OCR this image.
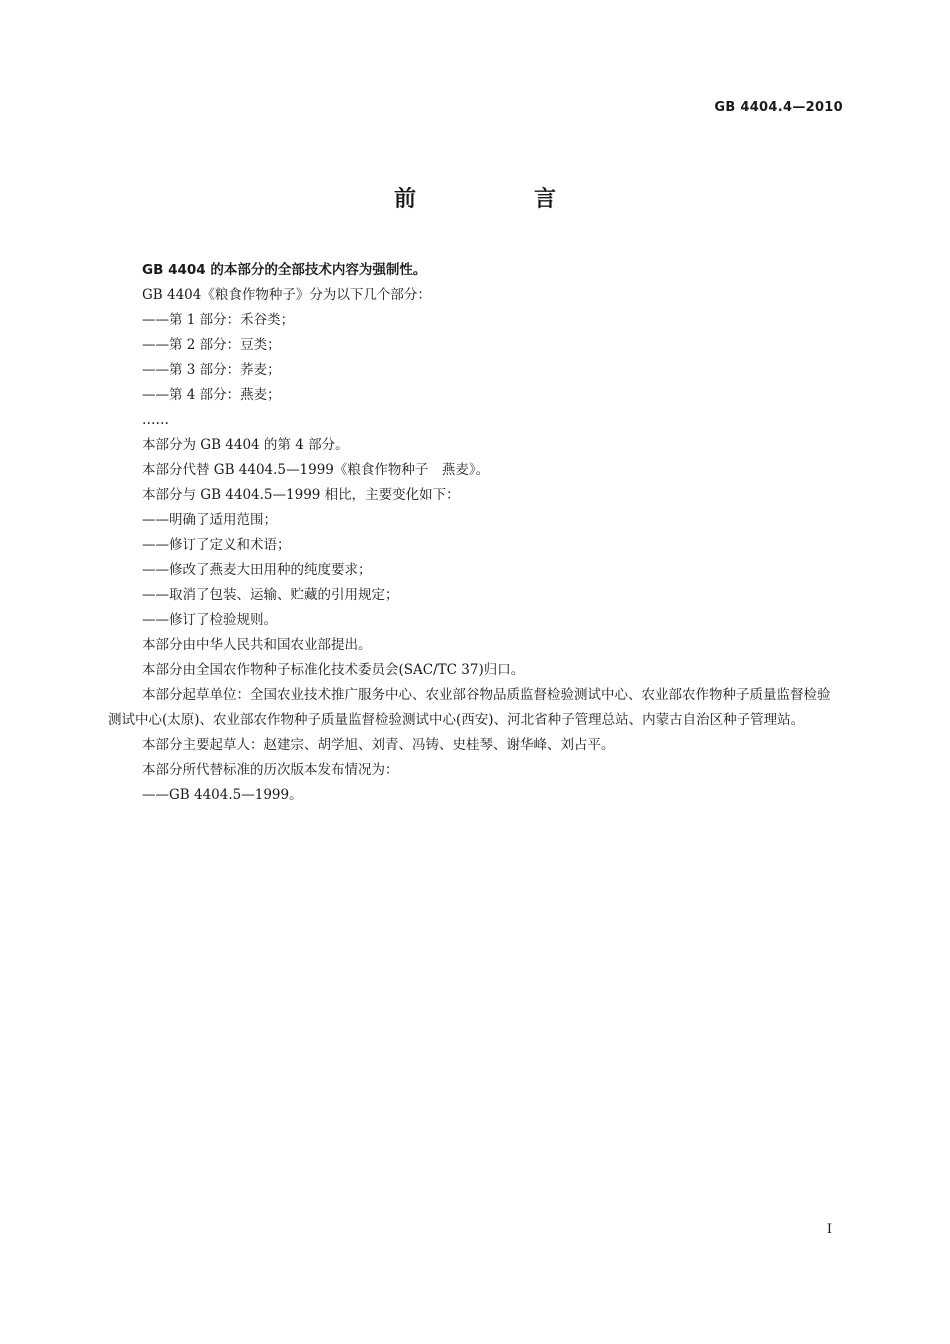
GB 4404.4—2010
前　言

GB 4404 的本部分的全部技术内容为强制性。

GB 4404《粮食作物种子》分为以下几个部分：

——第 1 部分：禾谷类；

——第 2 部分：豆类；

——第 3 部分：荞麦；

——第 4 部分：燕麦；

……

本部分为 GB 4404 的第 4 部分。

本部分代替 GB 4404.5—1999《粮食作物种子　燕麦》。

本部分与 GB 4404.5—1999 相比，主要变化如下：

——明确了适用范围；

——修订了定义和术语；

——修改了燕麦大田用种的纯度要求；

——取消了包装、运输、贮藏的引用规定；

——修订了检验规则。

本部分由中华人民共和国农业部提出。

本部分由全国农作物种子标准化技术委员会(SAC/TC 37)归口。

本部分起草单位：全国农业技术推广服务中心、农业部谷物品质监督检验测试中心、农业部农作物种子质量监督检验测试中心(太原)、农业部农作物种子质量监督检验测试中心(西安)、河北省种子管理总站、内蒙古自治区种子管理站。

本部分主要起草人：赵建宗、胡学旭、刘青、冯铸、史桂琴、谢华峰、刘占平。

本部分所代替标准的历次版本发布情况为：

——GB 4404.5—1999。

I
